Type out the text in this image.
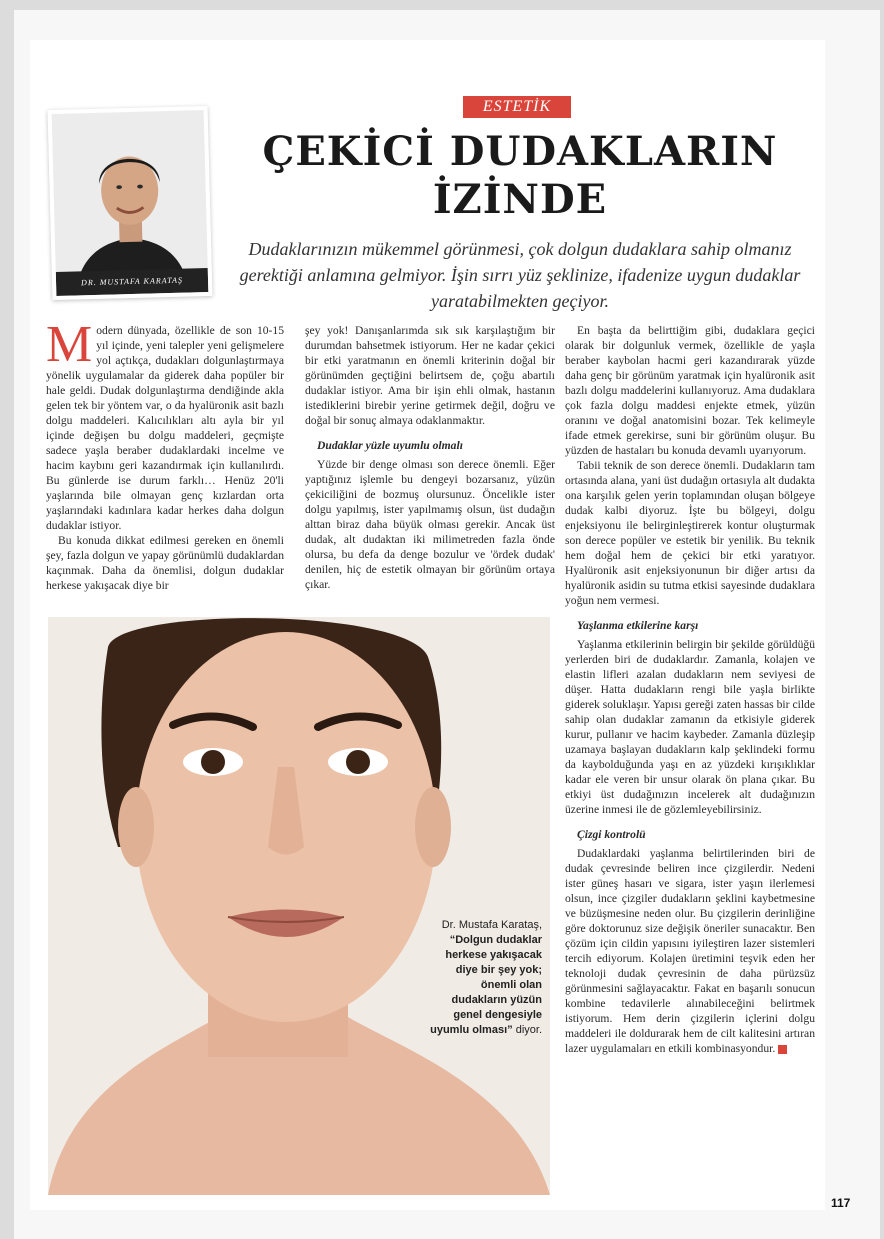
DR. MUSTAFA KARATAŞ
ESTETİK
ÇEKİCİ DUDAKLARIN
İZİNDE
Dudaklarınızın mükemmel görünmesi, çok dolgun dudaklara sahip olmanız gerektiği anlamına gelmiyor. İşin sırrı yüz şeklinize, ifadenize uygun dudaklar yaratabilmekten geçiyor.

Modern dünyada, özellikle de son 10-15 yıl içinde, yeni talepler yeni gelişmelere yol açtıkça, dudakları dolgunlaştırmaya yönelik uygulamalar da giderek daha popüler bir hale geldi. Dudak dolgunlaştırma dendiğinde akla gelen tek bir yöntem var, o da hyalüronik asit bazlı dolgu maddeleri. Kalıcılıkları altı ayla bir yıl içinde değişen bu dolgu maddeleri, geçmişte sadece yaşla beraber dudaklardaki incelme ve hacim kaybını geri kazandırmak için kullanılırdı. Bu günlerde ise durum farklı… Henüz 20'li yaşlarında bile olmayan genç kızlardan orta yaşlarındaki kadınlara kadar herkes daha dolgun dudaklar istiyor.

Bu konuda dikkat edilmesi gereken en önemli şey, fazla dolgun ve yapay görünümlü dudaklardan kaçınmak. Daha da önemlisi, dolgun dudaklar herkese yakışacak diye bir

şey yok! Danışanlarımda sık sık karşılaştığım bir durumdan bahsetmek istiyorum. Her ne kadar çekici bir etki yaratmanın en önemli kriterinin doğal bir görünümden geçtiğini belirtsem de, çoğu abartılı dudaklar istiyor. Ama bir işin ehli olmak, hastanın istediklerini birebir yerine getirmek değil, doğru ve doğal bir sonuç almaya odaklanmaktır.

Dudaklar yüzle uyumlu olmalı

Yüzde bir denge olması son derece önemli. Eğer yaptığınız işlemle bu dengeyi bozarsanız, yüzün çekiciliğini de bozmuş olursunuz. Öncelikle ister dolgu yapılmış, ister yapılmamış olsun, üst dudağın alttan biraz daha büyük olması gerekir. Ancak üst dudak, alt dudaktan iki milimetreden fazla önde olursa, bu defa da denge bozulur ve 'ördek dudak' denilen, hiç de estetik olmayan bir görünüm ortaya çıkar.

En başta da belirttiğim gibi, dudaklara geçici olarak bir dolgunluk vermek, özellikle de yaşla beraber kaybolan hacmi geri kazandırarak yüzde daha genç bir görünüm yaratmak için hyalüronik asit bazlı dolgu maddelerini kullanıyoruz. Ama dudaklara çok fazla dolgu maddesi enjekte etmek, yüzün oranını ve doğal anatomisini bozar. Tek kelimeyle ifade etmek gerekirse, suni bir görünüm oluşur. Bu yüzden de hastaları bu konuda devamlı uyarıyorum.

Tabii teknik de son derece önemli. Dudakların tam ortasında alana, yani üst dudağın ortasıyla alt dudakta ona karşılık gelen yerin toplamından oluşan bölgeye dudak kalbi diyoruz. İşte bu bölgeyi, dolgu enjeksiyonu ile belirginleştirerek kontur oluşturmak son derece popüler ve estetik bir yenilik. Bu teknik hem doğal hem de çekici bir etki yaratıyor. Hyalüronik asit enjeksiyonunun bir diğer artısı da hyalüronik asidin su tutma etkisi sayesinde dudaklara yoğun nem vermesi.

Yaşlanma etkilerine karşı

Yaşlanma etkilerinin belirgin bir şekilde görüldüğü yerlerden biri de dudaklardır. Zamanla, kolajen ve elastin lifleri azalan dudakların nem seviyesi de düşer. Hatta dudakların rengi bile yaşla birlikte giderek soluklaşır. Yapısı gereği zaten hassas bir cilde sahip olan dudaklar zamanın da etkisiyle giderek kurur, pullanır ve hacim kaybeder. Zamanla düzleşip uzamaya başlayan dudakların kalp şeklindeki formu da kaybolduğunda yaşı en az yüzdeki kırışıklıklar kadar ele veren bir unsur olarak ön plana çıkar. Bu etkiyi üst dudağınızın incelerek alt dudağınızın üzerine inmesi ile de gözlemleyebilirsiniz.

Çizgi kontrolü

Dudaklardaki yaşlanma belirtilerinden biri de dudak çevresinde beliren ince çizgilerdir. Nedeni ister güneş hasarı ve sigara, ister yaşın ilerlemesi olsun, ince çizgiler dudakların şeklini kaybetmesine ve büzüşmesine neden olur. Bu çizgilerin derinliğine göre doktorunuz size değişik öneriler sunacaktır. Ben çözüm için cildin yapısını iyileştiren lazer sistemleri tercih ediyorum. Kolajen üretimini teşvik eden her teknoloji dudak çevresinin de daha pürüzsüz görünmesini sağlayacaktır. Fakat en başarılı sonucun kombine tedavilerle alınabileceğini belirtmek istiyorum. Hem derin çizgilerin içlerini dolgu maddeleri ile doldurarak hem de cilt kalitesini artıran lazer uygulamaları en etkili kombinasyondur. H

Dr. Mustafa Karataş, “Dolgun dudaklar herkese yakışacak diye bir şey yok; önemli olan dudakların yüzün genel dengesiyle uyumlu olması” diyor.
117
